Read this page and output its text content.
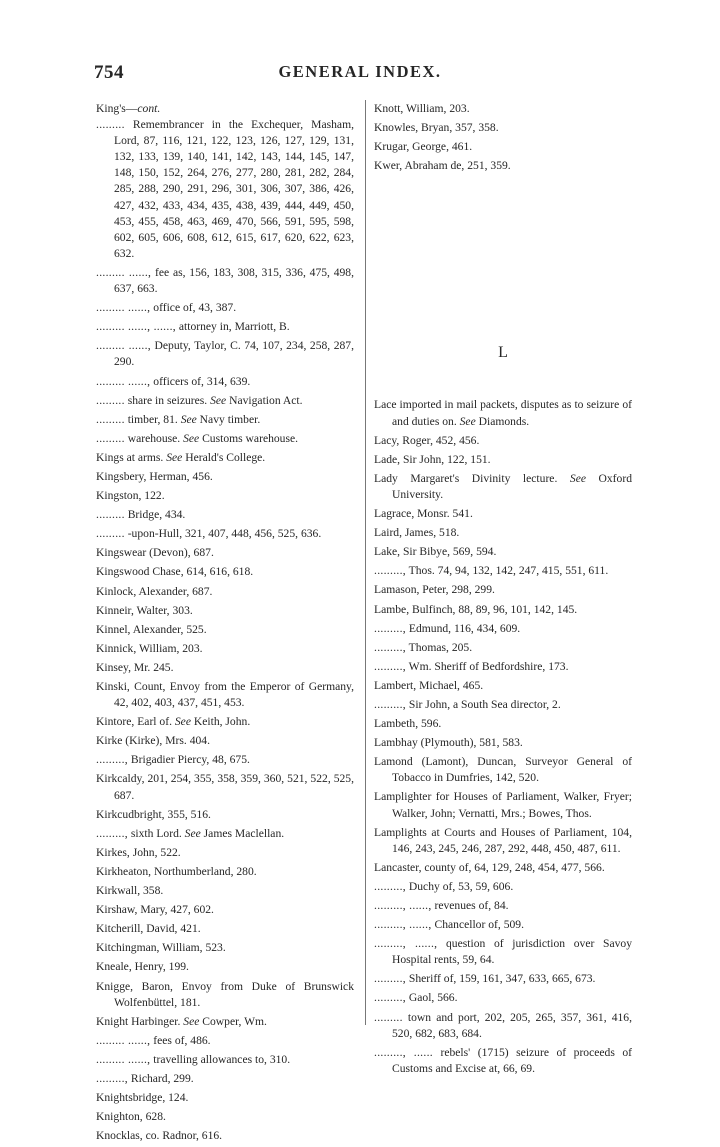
754	GENERAL INDEX.
King's—cont.
......... Remembrancer in the Exchequer, Masham, Lord, 87, 116, 121, 122, 123, 126, 127, 129, 131, 132, 133, 139, 140, 141, 142, 143, 144, 145, 147, 148, 150, 152, 264, 276, 277, 280, 281, 282, 284, 285, 288, 290, 291, 296, 301, 306, 307, 386, 426, 427, 432, 433, 434, 435, 438, 439, 444, 449, 450, 453, 455, 458, 463, 469, 470, 566, 591, 595, 598, 602, 605, 606, 608, 612, 615, 617, 620, 622, 623, 632.
......... ......, fee as, 156, 183, 308, 315, 336, 475, 498, 637, 663.
......... ......, office of, 43, 387.
......... ......, ......, attorney in, Marriott, B.
......... ......, Deputy, Taylor, C. 74, 107, 234, 258, 287, 290.
......... ......, officers of, 314, 639.
......... share in seizures. See Navigation Act.
......... timber, 81. See Navy timber.
......... warehouse. See Customs warehouse.
Kings at arms. See Herald's College.
Kingsbery, Herman, 456.
Kingston, 122.
......... Bridge, 434.
......... -upon-Hull, 321, 407, 448, 456, 525, 636.
Kingswear (Devon), 687.
Kingswood Chase, 614, 616, 618.
Kinlock, Alexander, 687.
Kinneir, Walter, 303.
Kinnel, Alexander, 525.
Kinnick, William, 203.
Kinsey, Mr. 245.
Kinski, Count, Envoy from the Emperor of Germany, 42, 402, 403, 437, 451, 453.
Kintore, Earl of. See Keith, John.
Kirke (Kirke), Mrs. 404.
........., Brigadier Piercy, 48, 675.
Kirkcaldy, 201, 254, 355, 358, 359, 360, 521, 522, 525, 687.
Kirkcudbright, 355, 516.
........., sixth Lord. See James Maclellan.
Kirkes, John, 522.
Kirkheaton, Northumberland, 280.
Kirkwall, 358.
Kirshaw, Mary, 427, 602.
Kitcherill, David, 421.
Kitchingman, William, 523.
Kneale, Henry, 199.
Knigge, Baron, Envoy from Duke of Brunswick Wolfenbüttel, 181.
Knight Harbinger. See Cowper, Wm.
......... ......, fees of, 486.
......... ......, travelling allowances to, 310.
........., Richard, 299.
Knightsbridge, 124.
Knighton, 628.
Knocklas, co. Radnor, 616.
Knott, William, 203.
Knowles, Bryan, 357, 358.
Krugar, George, 461.
Kwer, Abraham de, 251, 359.
L
Lace imported in mail packets, disputes as to seizure of and duties on. See Diamonds.
Lacy, Roger, 452, 456.
Lade, Sir John, 122, 151.
Lady Margaret's Divinity lecture. See Oxford University.
Lagrace, Monsr. 541.
Laird, James, 518.
Lake, Sir Bibye, 569, 594.
........., Thos. 74, 94, 132, 142, 247, 415, 551, 611.
Lamason, Peter, 298, 299.
Lambe, Bulfinch, 88, 89, 96, 101, 142, 145.
........., Edmund, 116, 434, 609.
........., Thomas, 205.
........., Wm. Sheriff of Bedfordshire, 173.
Lambert, Michael, 465.
........., Sir John, a South Sea director, 2.
Lambeth, 596.
Lambhay (Plymouth), 581, 583.
Lamond (Lamont), Duncan, Surveyor General of Tobacco in Dumfries, 142, 520.
Lamplighter for Houses of Parliament, Walker, Fryer; Walker, John; Vernatti, Mrs.; Bowes, Thos.
Lamplights at Courts and Houses of Parliament, 104, 146, 243, 245, 246, 287, 292, 448, 450, 487, 611.
Lancaster, county of, 64, 129, 248, 454, 477, 566.
........., Duchy of, 53, 59, 606.
........., ......, revenues of, 84.
........., ......, Chancellor of, 509.
........., ......, question of jurisdiction over Savoy Hospital rents, 59, 64.
........., Sheriff of, 159, 161, 347, 633, 665, 673.
........., Gaol, 566.
......... town and port, 202, 205, 265, 357, 361, 416, 520, 682, 683, 684.
........., ...... rebels' (1715) seizure of proceeds of Customs and Excise at, 66, 69.
